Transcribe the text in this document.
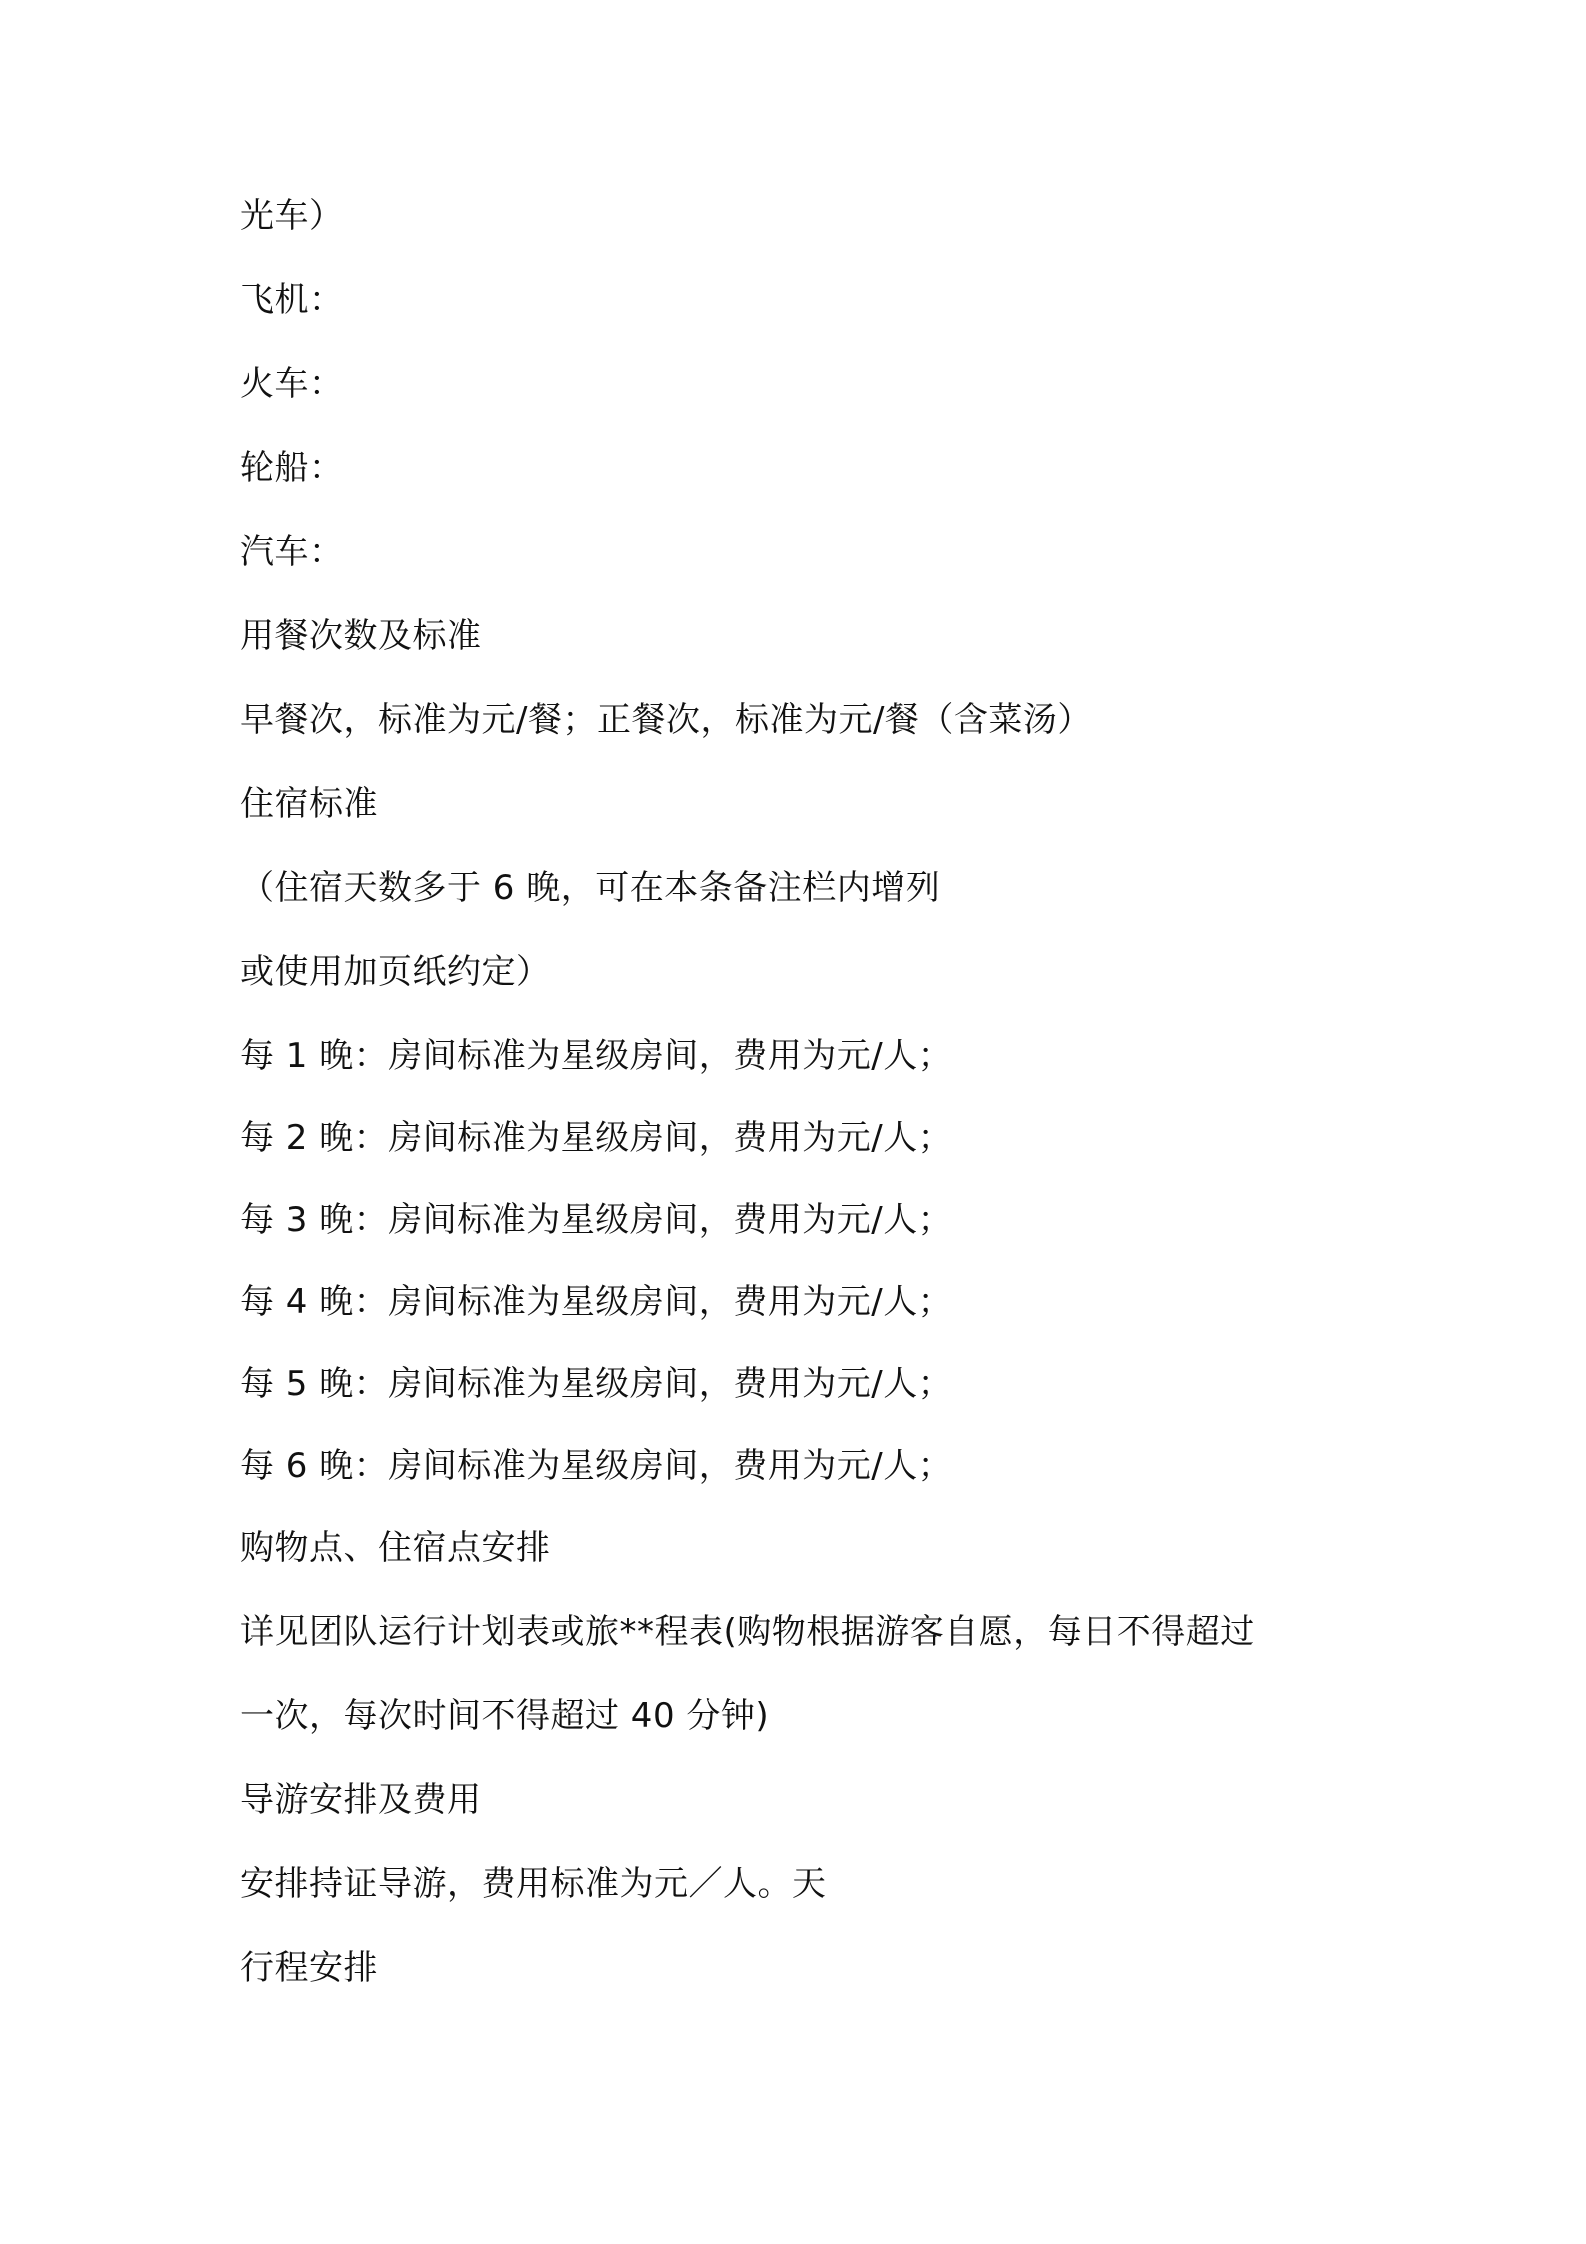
光车）
飞机：
火车：
轮船：
汽车：
用餐次数及标准
早餐次，标准为元/餐；正餐次，标准为元/餐（含菜汤）
住宿标准
（住宿天数多于 6 晚，可在本条备注栏内增列
或使用加页纸约定）
每 1 晚：房间标准为星级房间，费用为元/人；
每 2 晚：房间标准为星级房间，费用为元/人；
每 3 晚：房间标准为星级房间，费用为元/人；
每 4 晚：房间标准为星级房间，费用为元/人；
每 5 晚：房间标准为星级房间，费用为元/人；
每 6 晚：房间标准为星级房间，费用为元/人；
购物点、住宿点安排
详见团队运行计划表或旅**程表(购物根据游客自愿，每日不得超过
一次，每次时间不得超过 40 分钟)
导游安排及费用
安排持证导游，费用标准为元／人。天
行程安排
